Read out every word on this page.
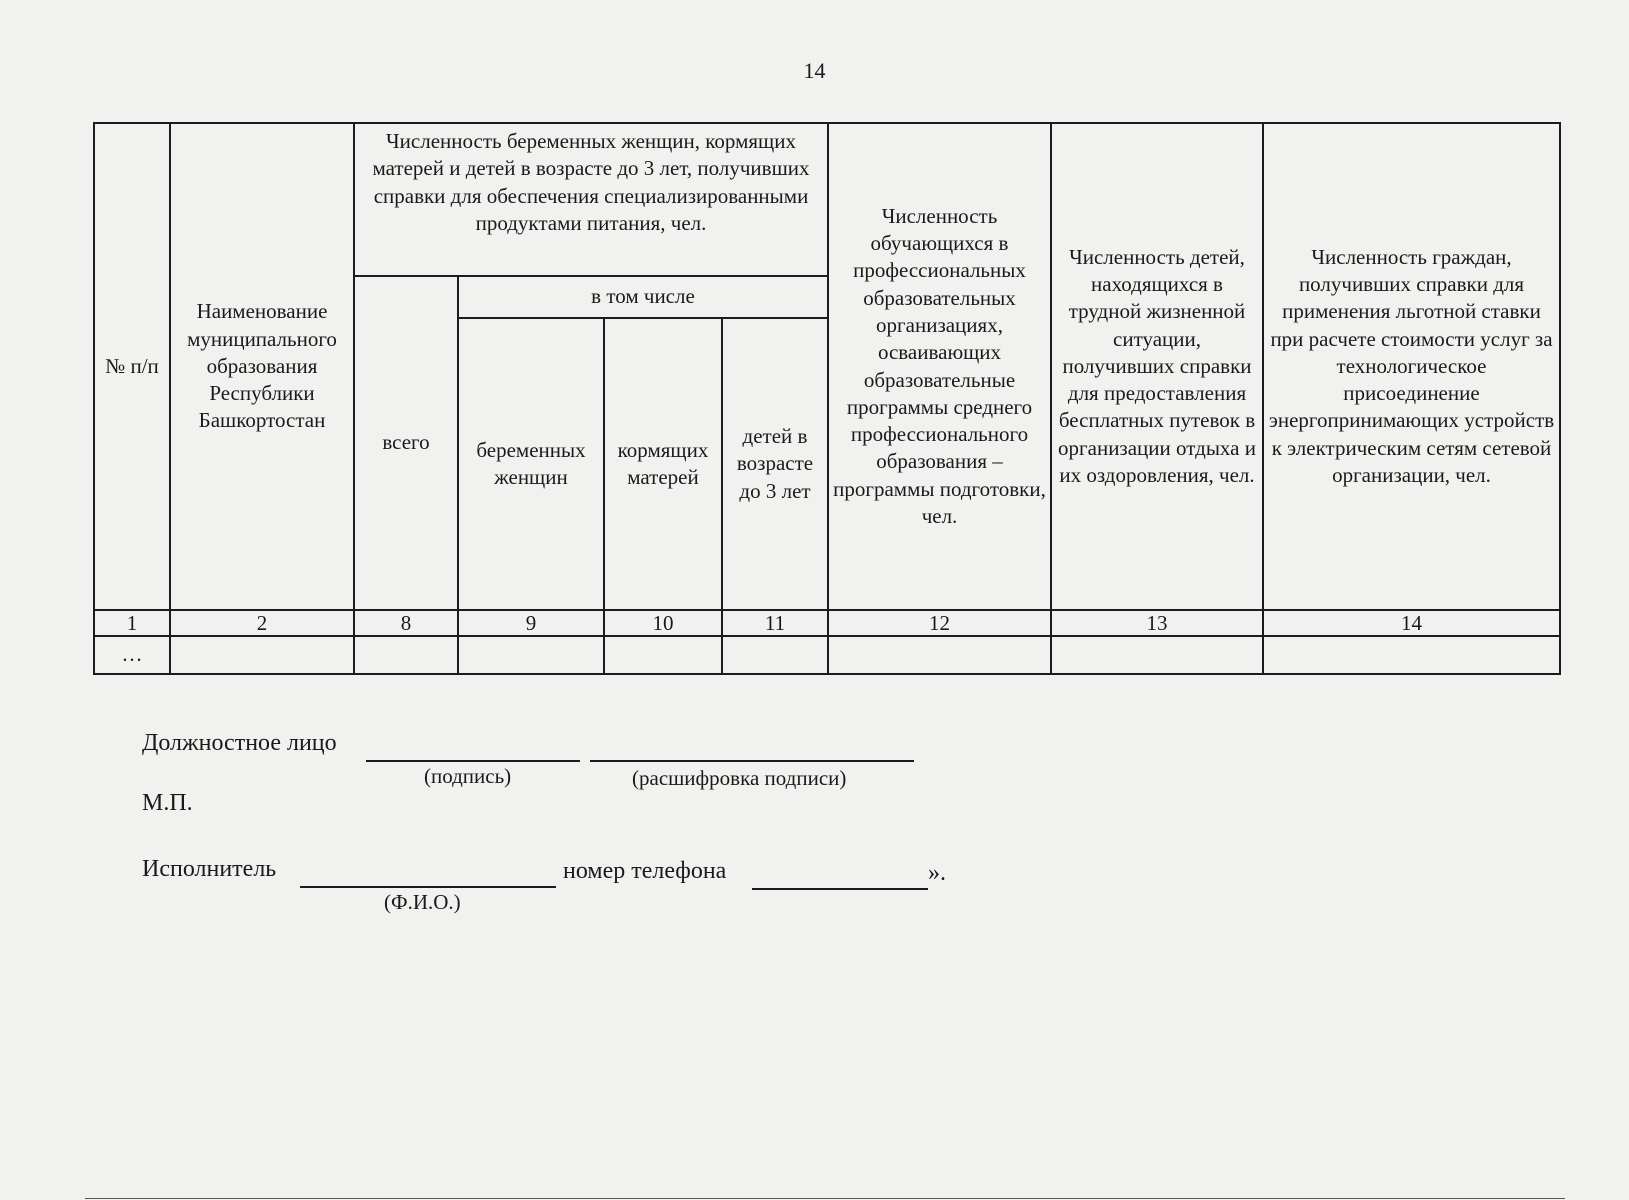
14
№ п/п	Наименование муниципального образования Республики Башкортостан	Численность беременных женщин, кормящих матерей и детей в возрасте до 3 лет, получивших справки для обеспечения специализированными продуктами питания, чел.				Численность обучающихся в профессиональных образовательных организациях, осваивающих образовательные программы среднего профессионального образования – программы подготовки, чел.	Численность детей, находящихся в трудной жизненной ситуации, получивших справки для предоставления бесплатных путевок в организации отдыха и их оздоровления, чел.	Численность граждан, получивших справки для применения льготной ставки при расчете стоимости услуг за технологическое присоединение энергопринимающих устройств к электрическим сетям сетевой организации, чел.
		всего	в том числе					
			беременных женщин	кормящих матерей	детей в возрасте до 3 лет			
1	2	8	9	10	11	12	13	14
…								
Должностное лицо
(подпись)	(расшифровка подписи)
М.П.
Исполнитель
(Ф.И.О.)
номер телефона	».
